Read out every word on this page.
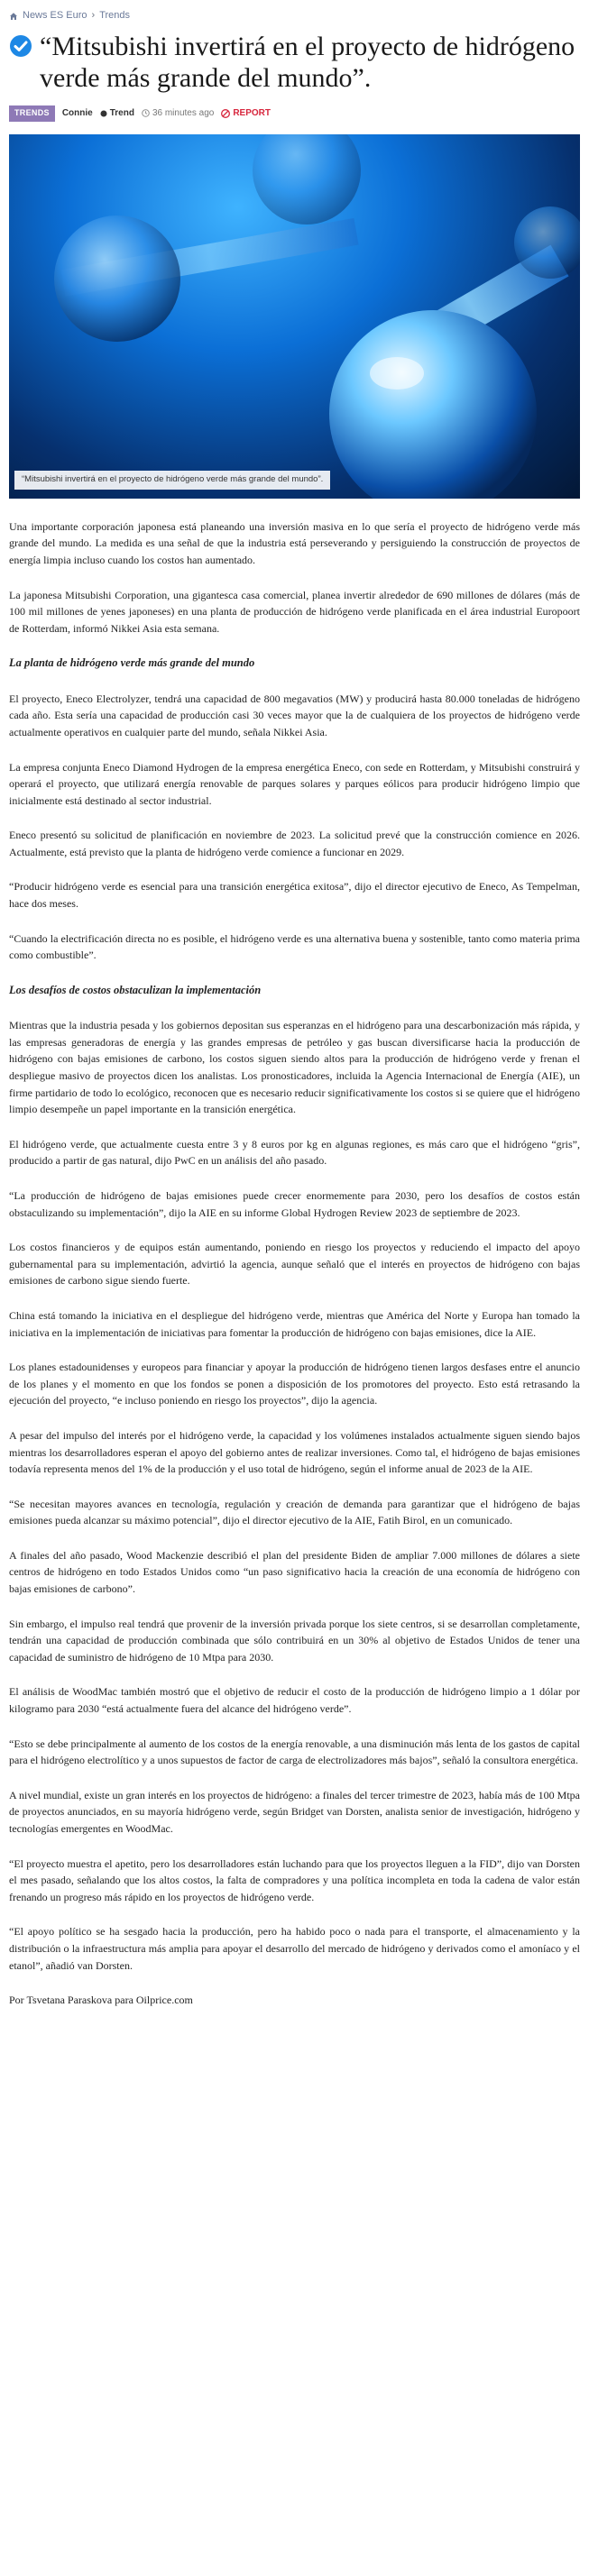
News ES Euro › Trends
“Mitsubishi invertirá en el proyecto de hidrógeno verde más grande del mundo”.
TRENDS	Connie Trend 36 minutes ago REPORT
“Mitsubishi invertirá en el proyecto de hidrógeno verde más grande del mundo”.

Una importante corporación japonesa está planeando una inversión masiva en lo que sería el proyecto de hidrógeno verde más grande del mundo. La medida es una señal de que la industria está perseverando y persiguiendo la construcción de proyectos de energía limpia incluso cuando los costos han aumentado.

La japonesa Mitsubishi Corporation, una gigantesca casa comercial, planea invertir alrededor de 690 millones de dólares (más de 100 mil millones de yenes japoneses) en una planta de producción de hidrógeno verde planificada en el área industrial Europoort de Rotterdam, informó Nikkei Asia esta semana.

La planta de hidrógeno verde más grande del mundo

El proyecto, Eneco Electrolyzer, tendrá una capacidad de 800 megavatios (MW) y producirá hasta 80.000 toneladas de hidrógeno cada año. Esta sería una capacidad de producción casi 30 veces mayor que la de cualquiera de los proyectos de hidrógeno verde actualmente operativos en cualquier parte del mundo, señala Nikkei Asia.

La empresa conjunta Eneco Diamond Hydrogen de la empresa energética Eneco, con sede en Rotterdam, y Mitsubishi construirá y operará el proyecto, que utilizará energía renovable de parques solares y parques eólicos para producir hidrógeno limpio que inicialmente está destinado al sector industrial.

Eneco presentó su solicitud de planificación en noviembre de 2023. La solicitud prevé que la construcción comience en 2026. Actualmente, está previsto que la planta de hidrógeno verde comience a funcionar en 2029.

“Producir hidrógeno verde es esencial para una transición energética exitosa”, dijo el director ejecutivo de Eneco, As Tempelman, hace dos meses.

“Cuando la electrificación directa no es posible, el hidrógeno verde es una alternativa buena y sostenible, tanto como materia prima como combustible”.

Los desafíos de costos obstaculizan la implementación

Mientras que la industria pesada y los gobiernos depositan sus esperanzas en el hidrógeno para una descarbonización más rápida, y las empresas generadoras de energía y las grandes empresas de petróleo y gas buscan diversificarse hacia la producción de hidrógeno con bajas emisiones de carbono, los costos siguen siendo altos para la producción de hidrógeno verde y frenan el despliegue masivo de proyectos dicen los analistas. Los pronosticadores, incluida la Agencia Internacional de Energía (AIE), un firme partidario de todo lo ecológico, reconocen que es necesario reducir significativamente los costos si se quiere que el hidrógeno limpio desempeñe un papel importante en la transición energética.

El hidrógeno verde, que actualmente cuesta entre 3 y 8 euros por kg en algunas regiones, es más caro que el hidrógeno “gris”, producido a partir de gas natural, dijo PwC en un análisis del año pasado.

“La producción de hidrógeno de bajas emisiones puede crecer enormemente para 2030, pero los desafíos de costos están obstaculizando su implementación”, dijo la AIE en su informe Global Hydrogen Review 2023 de septiembre de 2023.

Los costos financieros y de equipos están aumentando, poniendo en riesgo los proyectos y reduciendo el impacto del apoyo gubernamental para su implementación, advirtió la agencia, aunque señaló que el interés en proyectos de hidrógeno con bajas emisiones de carbono sigue siendo fuerte.

China está tomando la iniciativa en el despliegue del hidrógeno verde, mientras que América del Norte y Europa han tomado la iniciativa en la implementación de iniciativas para fomentar la producción de hidrógeno con bajas emisiones, dice la AIE.

Los planes estadounidenses y europeos para financiar y apoyar la producción de hidrógeno tienen largos desfases entre el anuncio de los planes y el momento en que los fondos se ponen a disposición de los promotores del proyecto. Esto está retrasando la ejecución del proyecto, “e incluso poniendo en riesgo los proyectos”, dijo la agencia.

A pesar del impulso del interés por el hidrógeno verde, la capacidad y los volúmenes instalados actualmente siguen siendo bajos mientras los desarrolladores esperan el apoyo del gobierno antes de realizar inversiones. Como tal, el hidrógeno de bajas emisiones todavía representa menos del 1% de la producción y el uso total de hidrógeno, según el informe anual de 2023 de la AIE.

“Se necesitan mayores avances en tecnología, regulación y creación de demanda para garantizar que el hidrógeno de bajas emisiones pueda alcanzar su máximo potencial”, dijo el director ejecutivo de la AIE, Fatih Birol, en un comunicado.

A finales del año pasado, Wood Mackenzie describió el plan del presidente Biden de ampliar 7.000 millones de dólares a siete centros de hidrógeno en todo Estados Unidos como “un paso significativo hacia la creación de una economía de hidrógeno con bajas emisiones de carbono”.

Sin embargo, el impulso real tendrá que provenir de la inversión privada porque los siete centros, si se desarrollan completamente, tendrán una capacidad de producción combinada que sólo contribuirá en un 30% al objetivo de Estados Unidos de tener una capacidad de suministro de hidrógeno de 10 Mtpa para 2030.

El análisis de WoodMac también mostró que el objetivo de reducir el costo de la producción de hidrógeno limpio a 1 dólar por kilogramo para 2030 “está actualmente fuera del alcance del hidrógeno verde”.

“Esto se debe principalmente al aumento de los costos de la energía renovable, a una disminución más lenta de los gastos de capital para el hidrógeno electrolítico y a unos supuestos de factor de carga de electrolizadores más bajos”, señaló la consultora energética.

A nivel mundial, existe un gran interés en los proyectos de hidrógeno: a finales del tercer trimestre de 2023, había más de 100 Mtpa de proyectos anunciados, en su mayoría hidrógeno verde, según Bridget van Dorsten, analista senior de investigación, hidrógeno y tecnologías emergentes en WoodMac.

“El proyecto muestra el apetito, pero los desarrolladores están luchando para que los proyectos lleguen a la FID”, dijo van Dorsten el mes pasado, señalando que los altos costos, la falta de compradores y una política incompleta en toda la cadena de valor están frenando un progreso más rápido en los proyectos de hidrógeno verde.

“El apoyo político se ha sesgado hacia la producción, pero ha habido poco o nada para el transporte, el almacenamiento y la distribución o la infraestructura más amplia para apoyar el desarrollo del mercado de hidrógeno y derivados como el amoníaco y el etanol”, añadió van Dorsten.

Por Tsvetana Paraskova para Oilprice.com
